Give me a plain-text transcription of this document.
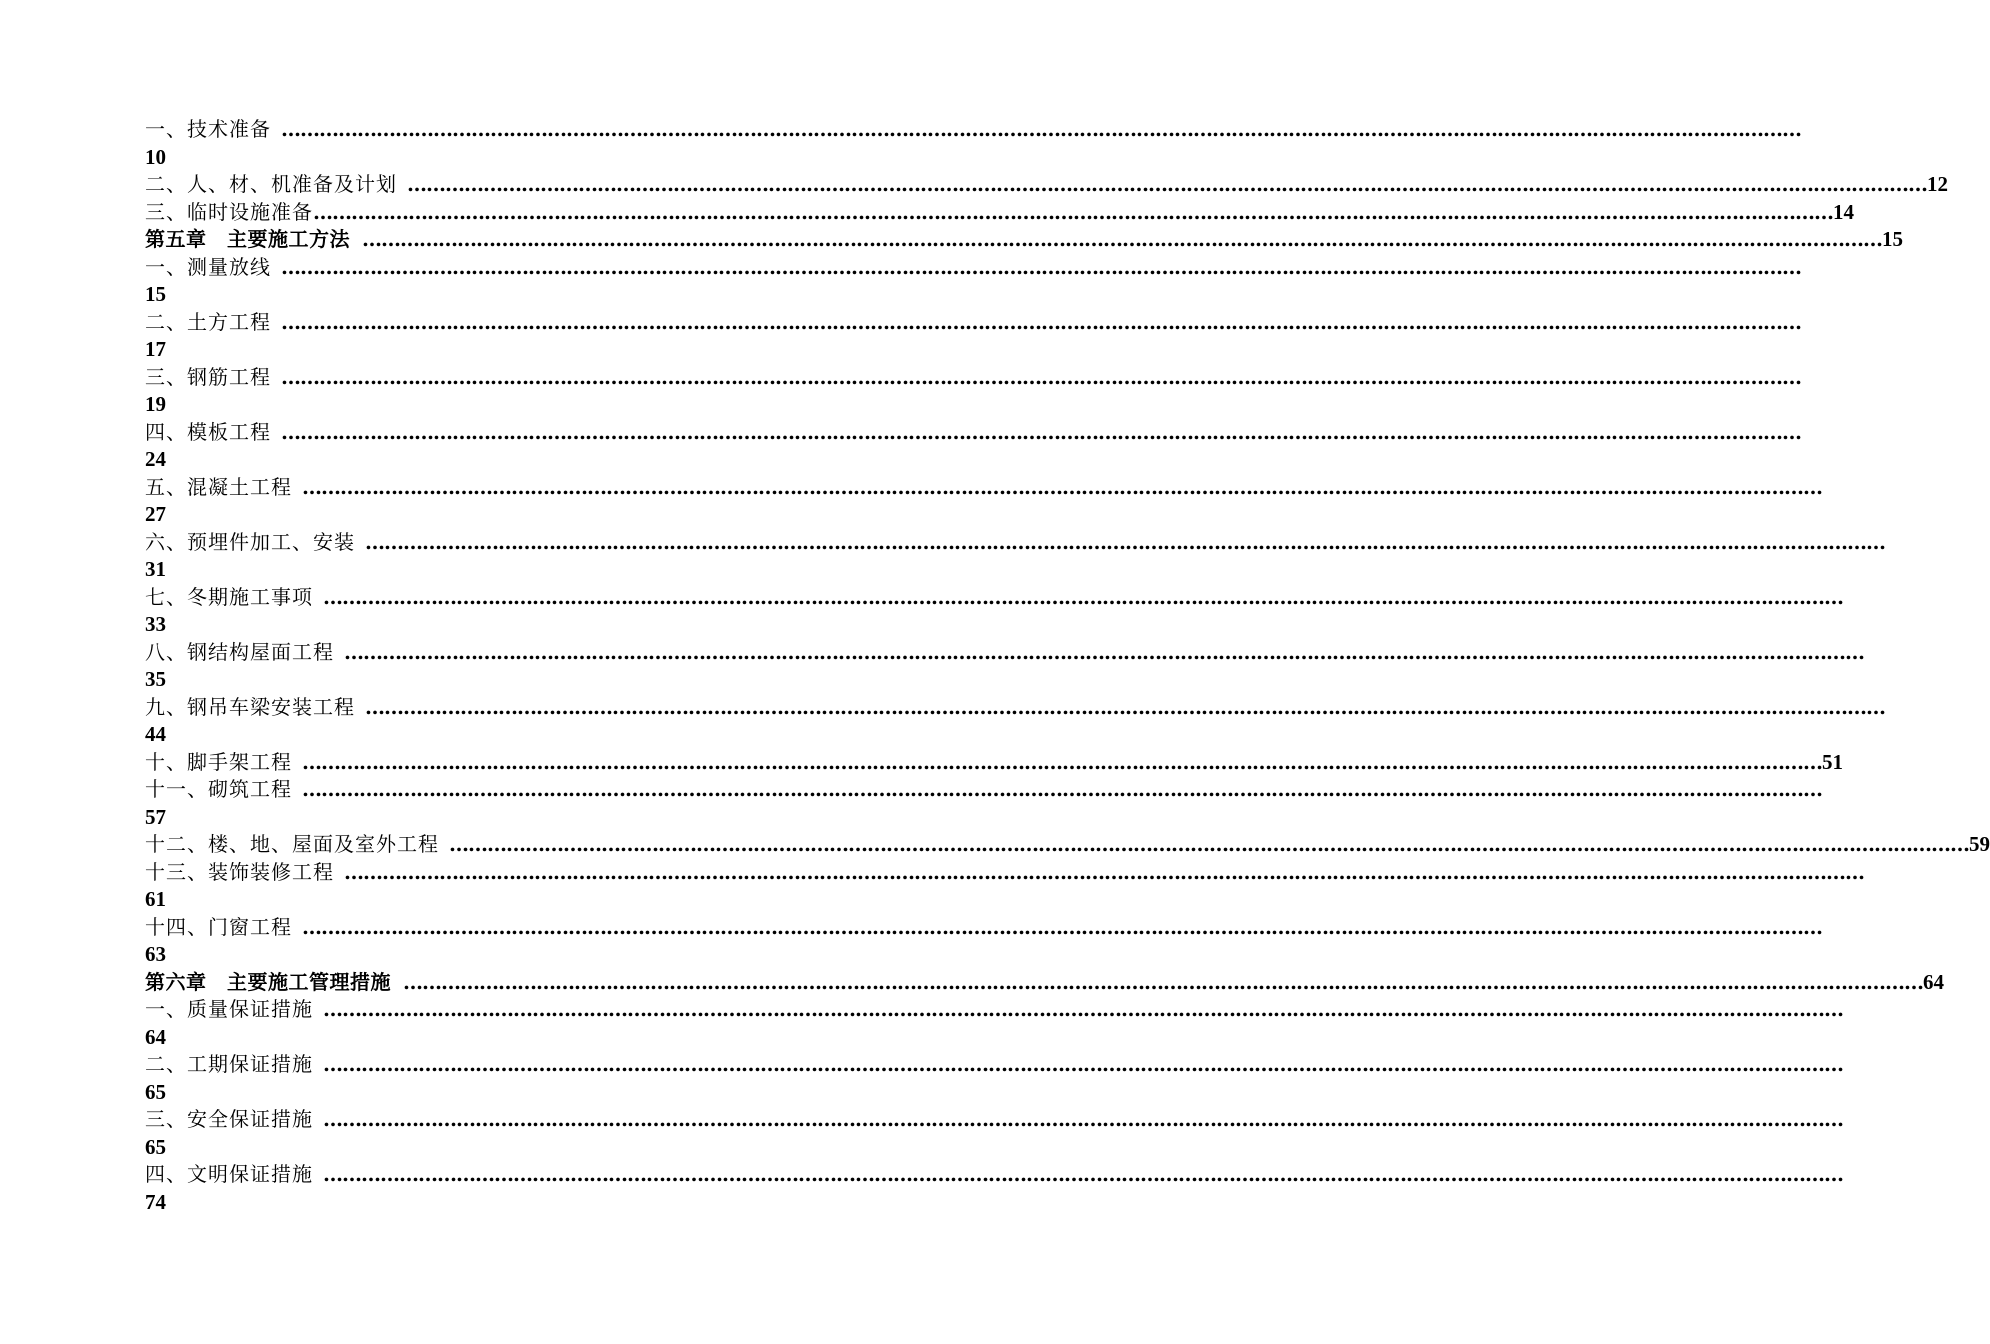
一、技术准备 ……………………………………………………………………………………………………………………………………………………………………………………………………………………
10
二、人、材、机准备及计划 …………………………………………………………………………………………………………………………………………………………………………………………………………………… 12
三、临时设施准备 …………………………………………………………………………………………………………………………………………………………………………………………………………………… 14
第五章　主要施工方法 …………………………………………………………………………………………………………………………………………………………………………………………………………………… 15
一、测量放线 ……………………………………………………………………………………………………………………………………………………………………………………………………………………
15
二、土方工程 ……………………………………………………………………………………………………………………………………………………………………………………………………………………
17
三、钢筋工程 ……………………………………………………………………………………………………………………………………………………………………………………………………………………
19
四、模板工程 ……………………………………………………………………………………………………………………………………………………………………………………………………………………
24
五、混凝土工程 ……………………………………………………………………………………………………………………………………………………………………………………………………………………
27
六、预埋件加工、安装 ……………………………………………………………………………………………………………………………………………………………………………………………………………………
31
七、冬期施工事项 ……………………………………………………………………………………………………………………………………………………………………………………………………………………
33
八、钢结构屋面工程 ……………………………………………………………………………………………………………………………………………………………………………………………………………………
35
九、钢吊车梁安装工程 ……………………………………………………………………………………………………………………………………………………………………………………………………………………
44
十、脚手架工程 …………………………………………………………………………………………………………………………………………………………………………………………………………………… 51
十一、砌筑工程 ……………………………………………………………………………………………………………………………………………………………………………………………………………………
57
十二、楼、地、屋面及室外工程 …………………………………………………………………………………………………………………………………………………………………………………………………………………… 59
十三、装饰装修工程 ……………………………………………………………………………………………………………………………………………………………………………………………………………………
61
十四、门窗工程 ……………………………………………………………………………………………………………………………………………………………………………………………………………………
63
第六章　主要施工管理措施 …………………………………………………………………………………………………………………………………………………………………………………………………………………… 64
一、质量保证措施 ……………………………………………………………………………………………………………………………………………………………………………………………………………………
64
二、工期保证措施 ……………………………………………………………………………………………………………………………………………………………………………………………………………………
65
三、安全保证措施 ……………………………………………………………………………………………………………………………………………………………………………………………………………………
65
四、文明保证措施 ……………………………………………………………………………………………………………………………………………………………………………………………………………………
74
